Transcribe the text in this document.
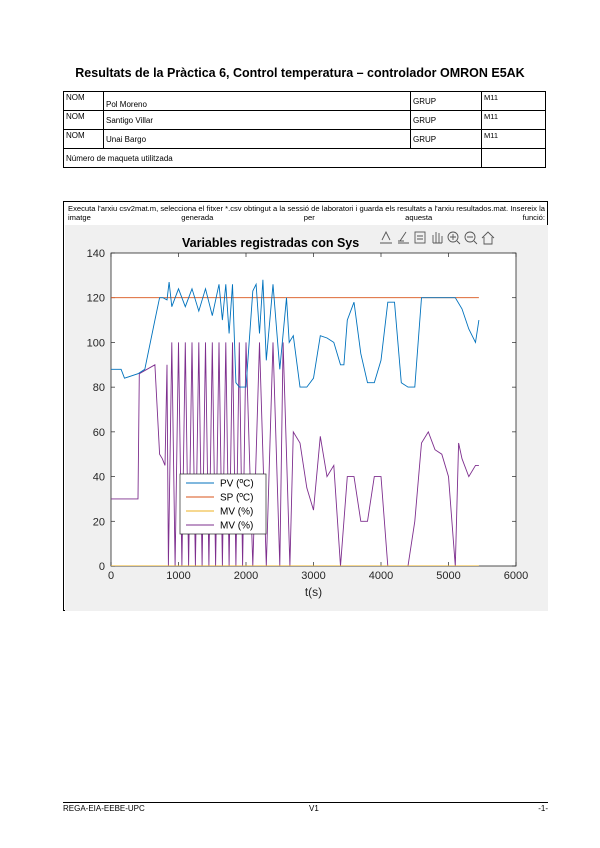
Resultats de la Pràctica 6, Control temperatura – controlador OMRON E5AK
NOM	Pol Moreno	GRUP	M11
NOM	Santigo Villar	GRUP	M11
NOM	Unai Bargo	GRUP	M11
Número de maqueta utilitzada			
Executa l'arxiu csv2mat.m, selecciona el fitxer *.csv obtingut a la sessió de laboratori i guarda els resultats a l'arxiu resultados.mat. Insereix la imatge generada per aquesta funció:
0	1000	2000	3000	4000	5000	6000
0
20
40
60
80
100
120
140
Variables registradas con Sys
t(s)
PV (ºC)
SP (ºC)
MV (%)
MV (%)
REGA-EIA-EEBE-UPC	V1	-1-
